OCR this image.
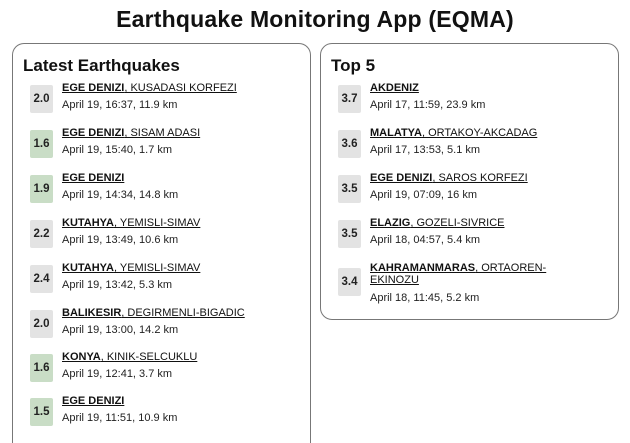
Earthquake Monitoring App (EQMA)
Latest Earthquakes
2.0
EGE DENIZI, KUSADASI KORFEZI
April 19, 16:37, 11.9 km
1.6
EGE DENIZI, SISAM ADASI
April 19, 15:40, 1.7 km
1.9
EGE DENIZI
April 19, 14:34, 14.8 km
2.2
KUTAHYA, YEMISLI-SIMAV
April 19, 13:49, 10.6 km
2.4
KUTAHYA, YEMISLI-SIMAV
April 19, 13:42, 5.3 km
2.0
BALIKESIR, DEGIRMENLI-BIGADIC
April 19, 13:00, 14.2 km
1.6
KONYA, KINIK-SELCUKLU
April 19, 12:41, 3.7 km
1.5
EGE DENIZI
April 19, 11:51, 10.9 km
Top 5
3.7
AKDENIZ
April 17, 11:59, 23.9 km
3.6
MALATYA, ORTAKOY-AKCADAG
April 17, 13:53, 5.1 km
3.5
EGE DENIZI, SAROS KORFEZI
April 19, 07:09, 16 km
3.5
ELAZIG, GOZELI-SIVRICE
April 18, 04:57, 5.4 km
3.4
KAHRAMANMARAS, ORTAOREN-EKINOZU
April 18, 11:45, 5.2 km
